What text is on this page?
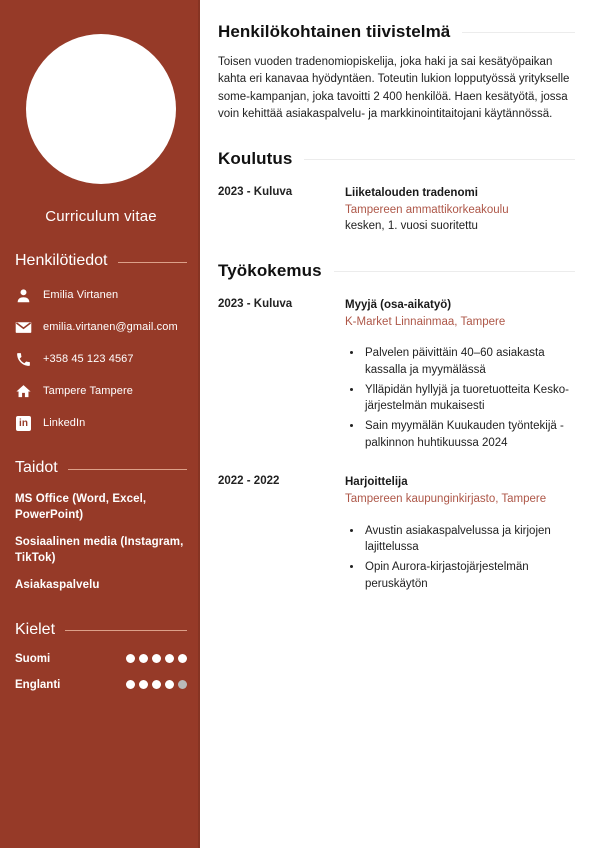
Curriculum vitae
Henkilötiedot
Emilia Virtanen
emilia.virtanen@gmail.com
+358 45 123 4567
Tampere Tampere
in LinkedIn
Taidot
MS Office (Word, Excel, PowerPoint)
Sosiaalinen media (Instagram, TikTok)
Asiakaspalvelu
Kielet
Suomi
Englanti
Henkilökohtainen tiivistelmä

Toisen vuoden tradenomiopiskelija, joka haki ja sai kesätyöpaikan kahta eri kanavaa hyödyntäen. Toteutin lukion lopputyössä yritykselle some-kampanjan, joka tavoitti 2 400 henkilöä. Haen kesätyötä, jossa voin kehittää asiakaspalvelu- ja markkinointitaitojani käytännössä.

Koulutus
2023 - Kuluva	Liiketalouden tradenomi
Tampereen ammattikorkeakoulu
kesken, 1. vuosi suoritettu
Työkokemus
2023 - Kuluva	Myyjä (osa-aikatyö)
K-Market Linnainmaa, Tampere
• Palvelen päivittäin 40–60 asiakasta kassalla ja myymälässä
• Ylläpidän hyllyjä ja tuoretuotteita Kesko-järjestelmän mukaisesti
• Sain myymälän Kuukauden työntekijä -palkinnon huhtikuussa 2024
2022 - 2022	Harjoittelija
Tampereen kaupunginkirjasto, Tampere
• Avustin asiakaspalvelussa ja kirjojen lajittelussa
• Opin Aurora-kirjastojärjestelmän peruskäytön
